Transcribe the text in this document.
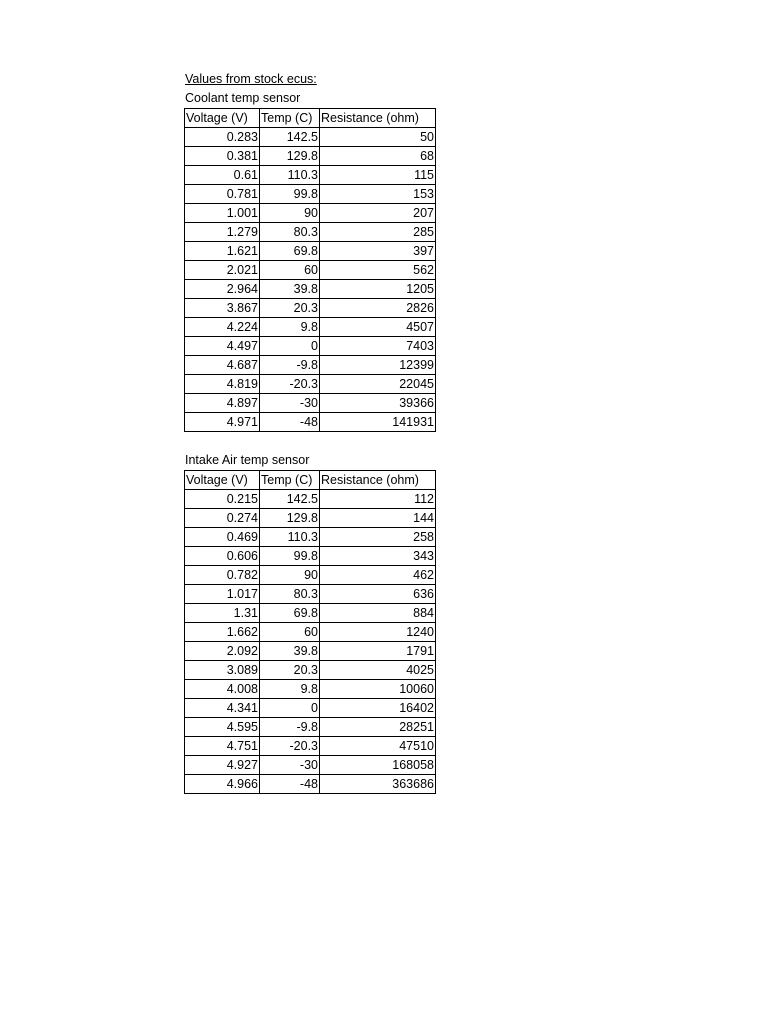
Values from stock ecus:
Coolant temp sensor
Voltage (V)	Temp (C)	Resistance (ohm)
0.283	142.5	50
0.381	129.8	68
0.61	110.3	115
0.781	99.8	153
1.001	90	207
1.279	80.3	285
1.621	69.8	397
2.021	60	562
2.964	39.8	1205
3.867	20.3	2826
4.224	9.8	4507
4.497	0	7403
4.687	-9.8	12399
4.819	-20.3	22045
4.897	-30	39366
4.971	-48	141931
Intake Air temp sensor
Voltage (V)	Temp (C)	Resistance (ohm)
0.215	142.5	112
0.274	129.8	144
0.469	110.3	258
0.606	99.8	343
0.782	90	462
1.017	80.3	636
1.31	69.8	884
1.662	60	1240
2.092	39.8	1791
3.089	20.3	4025
4.008	9.8	10060
4.341	0	16402
4.595	-9.8	28251
4.751	-20.3	47510
4.927	-30	168058
4.966	-48	363686
